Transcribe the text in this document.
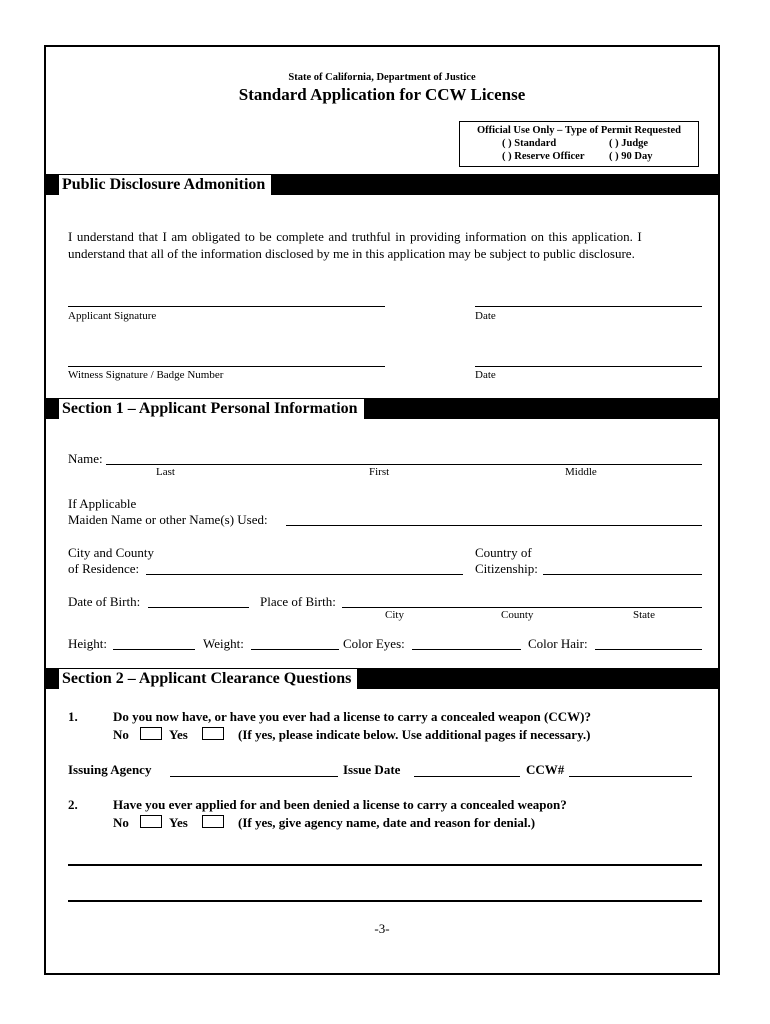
State of California, Department of Justice
Standard Application for CCW License
Official Use Only – Type of Permit Requested
( ) Standard	( ) Judge
( ) Reserve Officer ( ) 90 Day
Public Disclosure Admonition
I understand that I am obligated to be complete and truthful in providing information on this application. I
understand that all of the information disclosed by me in this application may be subject to public disclosure.
Applicant Signature	Date
Witness Signature / Badge Number	Date
Section 1 – Applicant Personal Information
Name:
Last	First	Middle
If Applicable
Maiden Name or other Name(s) Used:
City and County
of Residence:
Country of
Citizenship:
Date of Birth:	Place of Birth:
City	County	State
Height:	Weight:	Color Eyes:	Color Hair:
Section 2 – Applicant Clearance Questions
1.	Do you now have, or have you ever had a license to carry a concealed weapon (CCW)?
No	Yes	(If yes, please indicate below. Use additional pages if necessary.)
Issuing Agency	Issue Date	CCW#
2.	Have you ever applied for and been denied a license to carry a concealed weapon?
No	Yes	(If yes, give agency name, date and reason for denial.)
-3-
